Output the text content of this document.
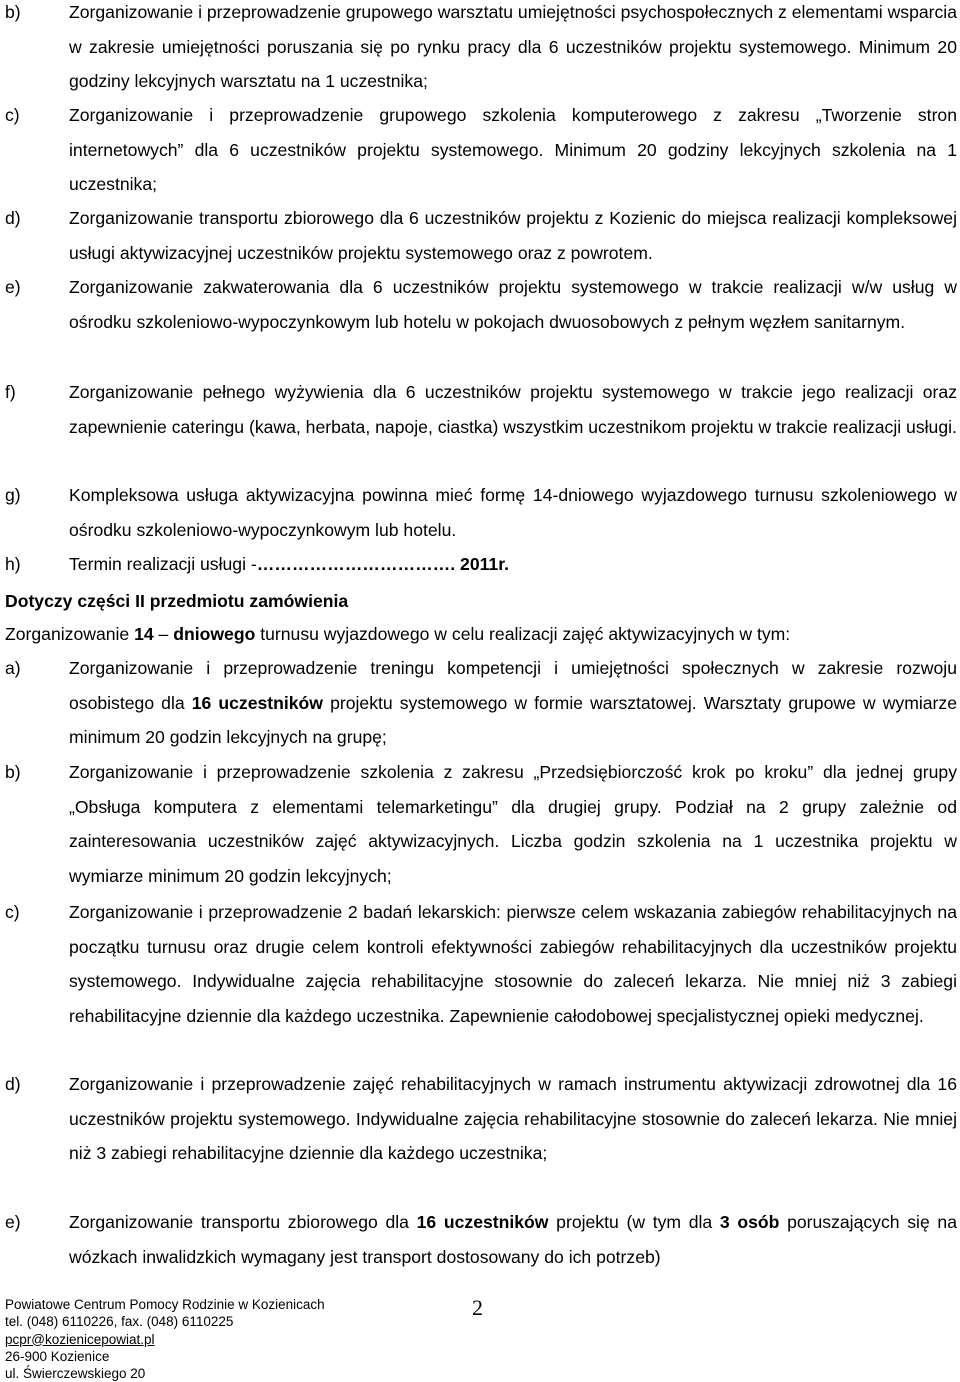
b)	Zorganizowanie i przeprowadzenie grupowego warsztatu umiejętności psychospołecznych z elementami wsparcia w zakresie umiejętności poruszania się po rynku pracy dla 6 uczestników projektu systemowego. Minimum 20 godziny lekcyjnych warsztatu na 1 uczestnika;
c)	Zorganizowanie i przeprowadzenie grupowego szkolenia komputerowego z zakresu „Tworzenie stron internetowych” dla 6 uczestników projektu systemowego. Minimum 20 godziny lekcyjnych szkolenia na 1 uczestnika;
d)	Zorganizowanie transportu zbiorowego dla 6 uczestników projektu z Kozienic do miejsca realizacji kompleksowej usługi aktywizacyjnej uczestników projektu systemowego oraz z powrotem.
e)	Zorganizowanie zakwaterowania dla 6 uczestników projektu systemowego w trakcie realizacji w/w usług w ośrodku szkoleniowo-wypoczynkowym lub hotelu w pokojach dwuosobowych z pełnym węzłem sanitarnym.
f)	Zorganizowanie pełnego wyżywienia dla 6 uczestników projektu systemowego w trakcie jego realizacji oraz zapewnienie cateringu (kawa, herbata, napoje, ciastka) wszystkim uczestnikom projektu w trakcie realizacji usługi.
g)	Kompleksowa usługa aktywizacyjna powinna mieć formę 14-dniowego wyjazdowego turnusu szkoleniowego w ośrodku szkoleniowo-wypoczynkowym lub hotelu.
h)	Termin realizacji usługi -……………………………. 2011r.
Dotyczy części II przedmiotu zamówienia
Zorganizowanie 14 – dniowego turnusu wyjazdowego w celu realizacji zajęć aktywizacyjnych w tym:
a)	Zorganizowanie i przeprowadzenie treningu kompetencji i umiejętności społecznych w zakresie rozwoju osobistego dla 16 uczestników projektu systemowego w formie warsztatowej. Warsztaty grupowe w wymiarze minimum 20 godzin lekcyjnych na grupę;
b)	Zorganizowanie i przeprowadzenie szkolenia z zakresu „Przedsiębiorczość krok po kroku” dla jednej grupy „Obsługa komputera z elementami telemarketingu” dla drugiej grupy. Podział na 2 grupy zależnie od zainteresowania uczestników zajęć aktywizacyjnych. Liczba godzin szkolenia na 1 uczestnika projektu w wymiarze minimum 20 godzin lekcyjnych;
c)	Zorganizowanie i przeprowadzenie 2 badań lekarskich: pierwsze celem wskazania zabiegów rehabilitacyjnych na początku turnusu oraz drugie celem kontroli efektywności zabiegów rehabilitacyjnych dla uczestników projektu systemowego. Indywidualne zajęcia rehabilitacyjne stosownie do zaleceń lekarza. Nie mniej niż 3 zabiegi rehabilitacyjne dziennie dla każdego uczestnika. Zapewnienie całodobowej specjalistycznej opieki medycznej.
d)	Zorganizowanie i przeprowadzenie zajęć rehabilitacyjnych w ramach instrumentu aktywizacji zdrowotnej dla 16 uczestników projektu systemowego. Indywidualne zajęcia rehabilitacyjne stosownie do zaleceń lekarza. Nie mniej niż 3 zabiegi rehabilitacyjne dziennie dla każdego uczestnika;
e)	Zorganizowanie transportu zbiorowego dla 16 uczestników projektu (w tym dla 3 osób poruszających się na wózkach inwalidzkich wymagany jest transport dostosowany do ich potrzeb)
Powiatowe Centrum Pomocy Rodzinie w Kozienicach
tel. (048) 6110226, fax. (048) 6110225
pcpr@kozienicepowiat.pl
26-900 Kozienice
ul. Świerczewskiego 20
2
